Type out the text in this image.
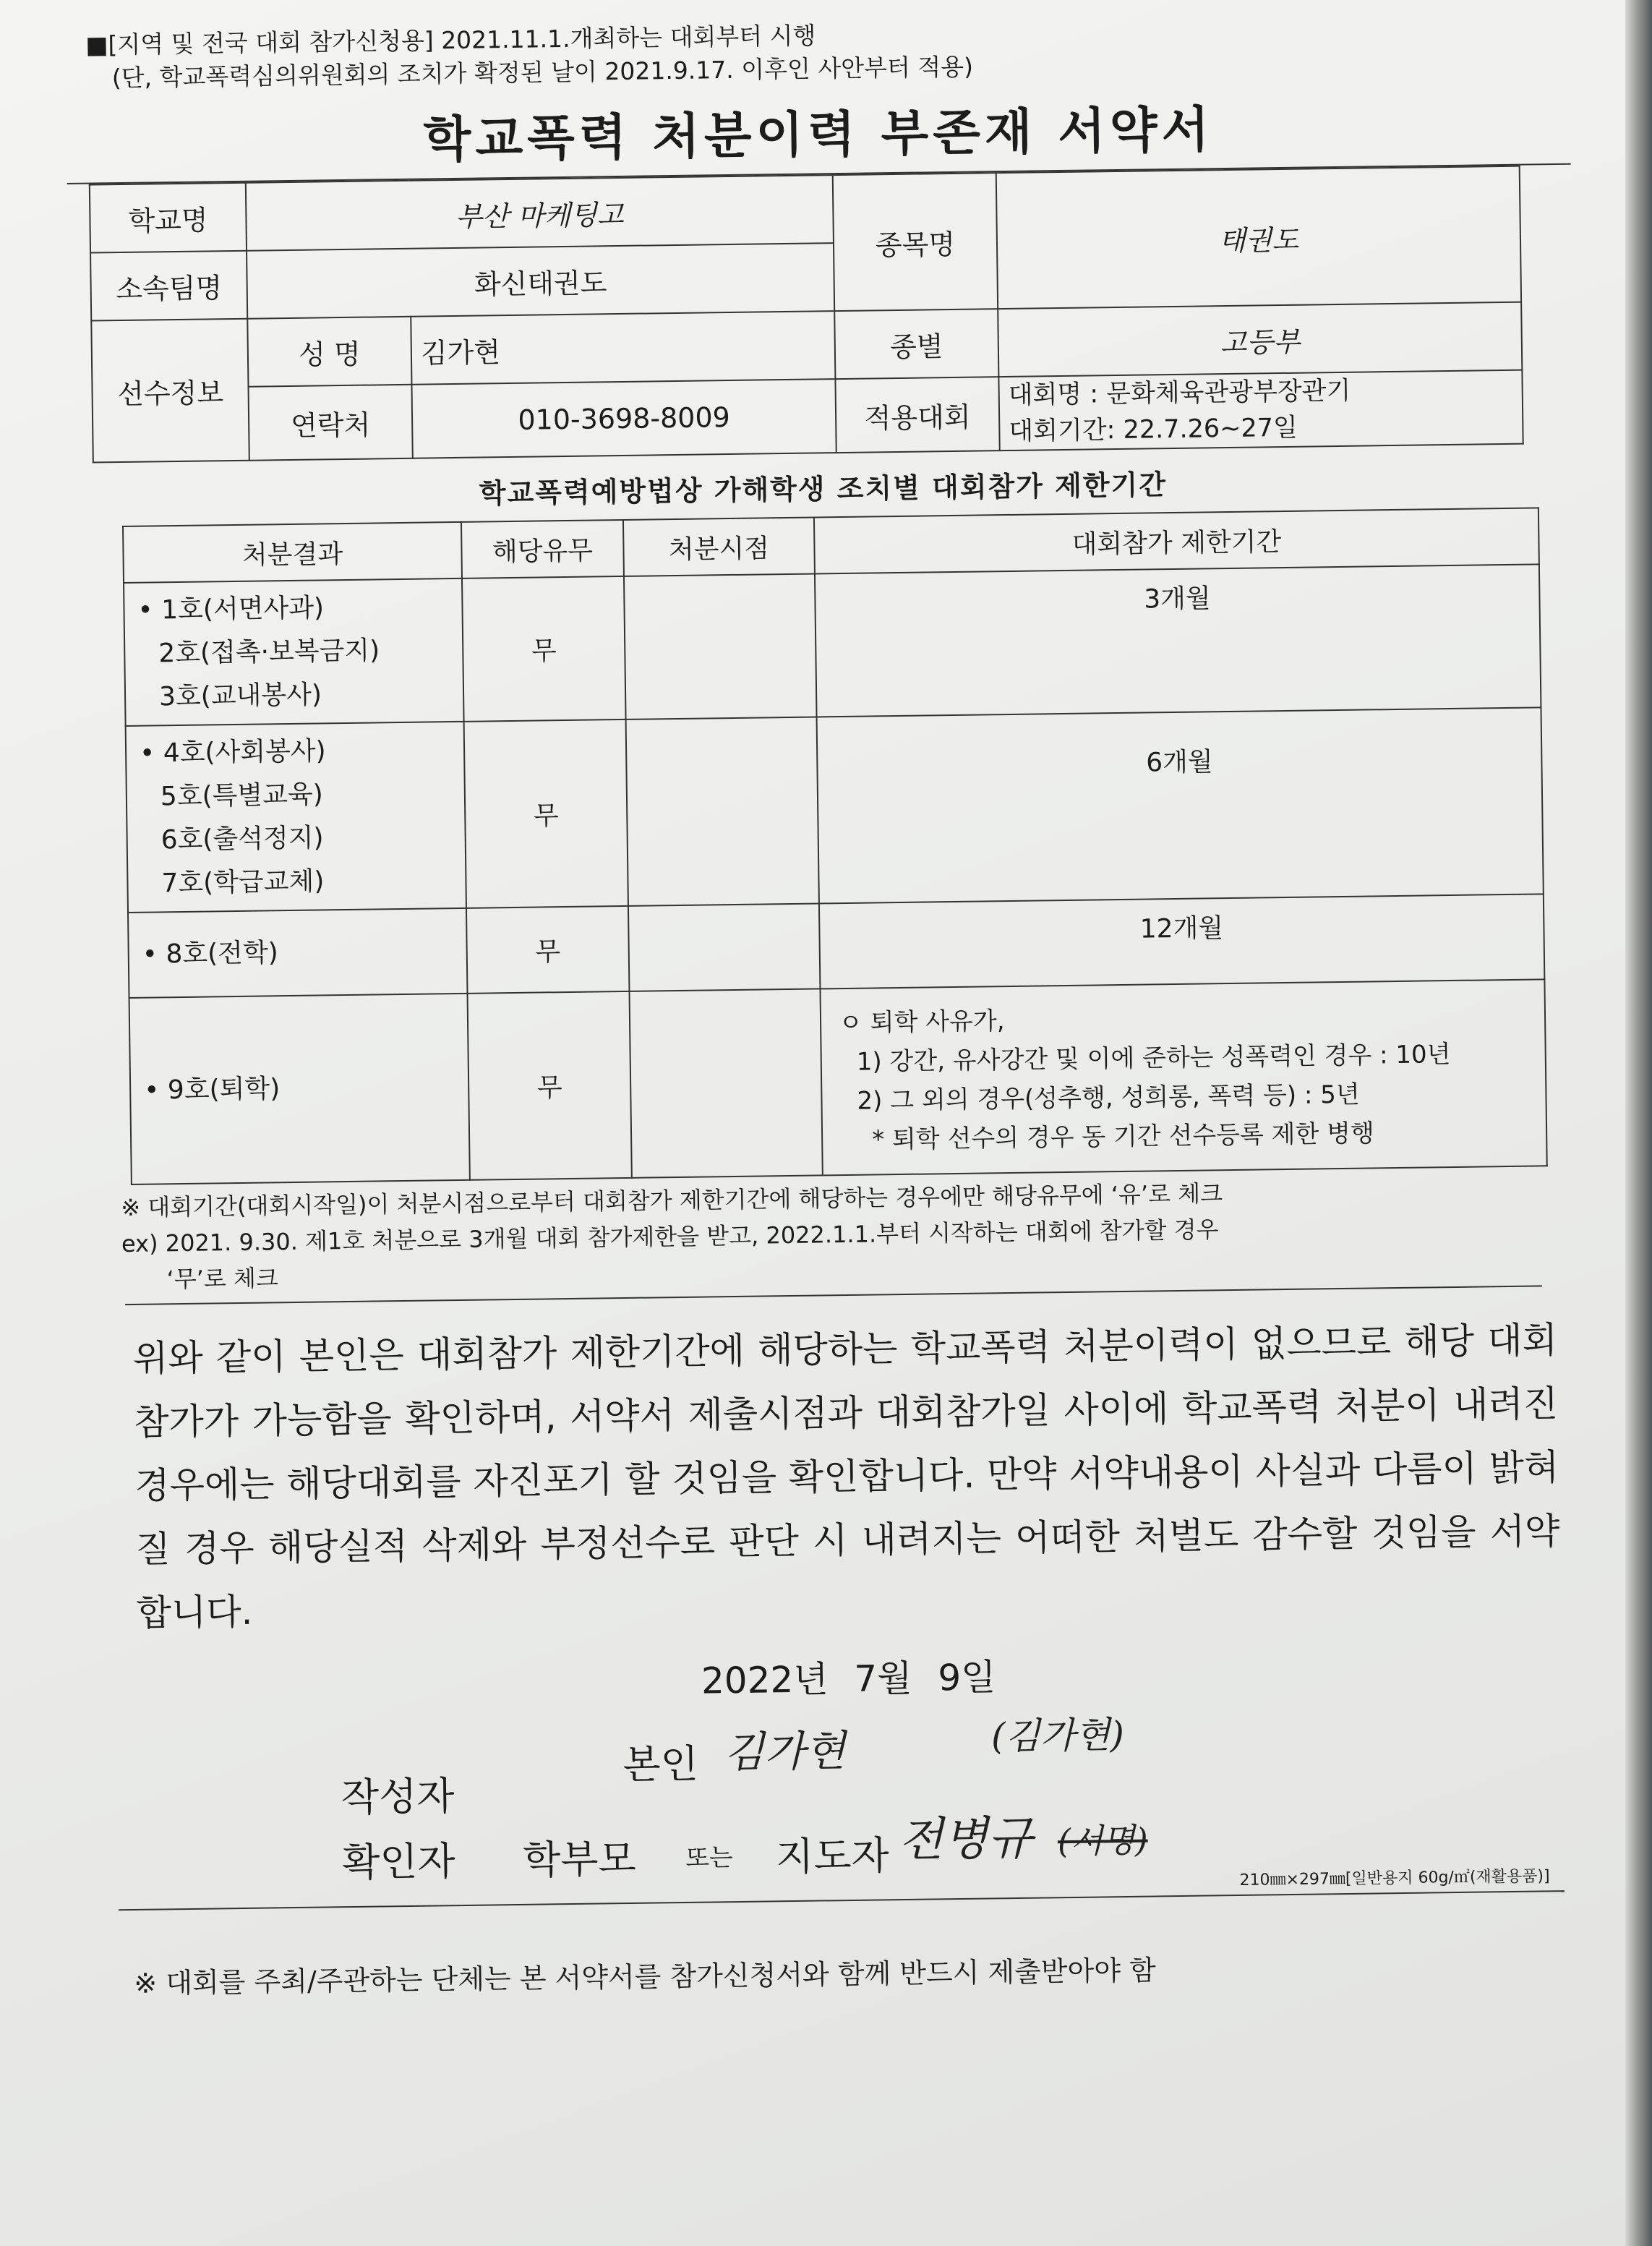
■[지역 및 전국 대회 참가신청용] 2021.11.1.개최하는 대회부터 시행
(단, 학교폭력심의위원회의 조치가 확정된 날이 2021.9.17. 이후인 사안부터 적용)
학교폭력 처분이력 부존재 서약서
학교명	부산 마케팅고		종목명	태권도
소속팀명	화신태권도			
선수정보	성 명	김가현	종별	고등부
	연락처	010-3698-8009	적용대회	대회명 : 문화체육관광부장관기
대회기간: 22.7.26~27일
학교폭력예방법상 가해학생 조치별 대회참가 제한기간
처분결과	해당유무	처분시점	대회참가 제한기간

• 1호(서면사과)
2호(접촉·보복금지)
3호(교내봉사)	무		3개월

• 4호(사회봉사)
5호(특별교육)
6호(출석정지)
7호(학급교체)	무		6개월

• 8호(전학)	무		12개월

• 9호(퇴학)	무		ㅇ 퇴학 사유가,
1) 강간, 유사강간 및 이에 준하는 성폭력인 경우 : 10년
2) 그 외의 경우(성추행, 성희롱, 폭력 등) : 5년
* 퇴학 선수의 경우 동 기간 선수등록 제한 병행
※ 대회기간(대회시작일)이 처분시점으로부터 대회참가 제한기간에 해당하는 경우에만 해당유무에 ‘유’로 체크
ex) 2021. 9.30. 제1호 처분으로 3개월 대회 참가제한을 받고, 2022.1.1.부터 시작하는 대회에 참가할 경우
‘무’로 체크
위와 같이 본인은 대회참가 제한기간에 해당하는 학교폭력 처분이력이 없으므로 해당 대회 참가가 가능함을 확인하며, 서약서 제출시점과 대회참가일 사이에 학교폭력 처분이 내려진 경우에는 해당대회를 자진포기 할 것임을 확인합니다. 만약 서약내용이 사실과 다름이 밝혀질 경우 해당실적 삭제와 부정선수로 판단 시 내려지는 어떠한 처벌도 감수할 것임을 서약합니다.
2022년 7월 9일
본인 김가현	(김가현)
작성자
확인자 학부모 또는 지도자 전병규 (서명)
210㎜×297㎜[일반용지 60g/㎡(재활용품)]
※ 대회를 주최/주관하는 단체는 본 서약서를 참가신청서와 함께 반드시 제출받아야 함
